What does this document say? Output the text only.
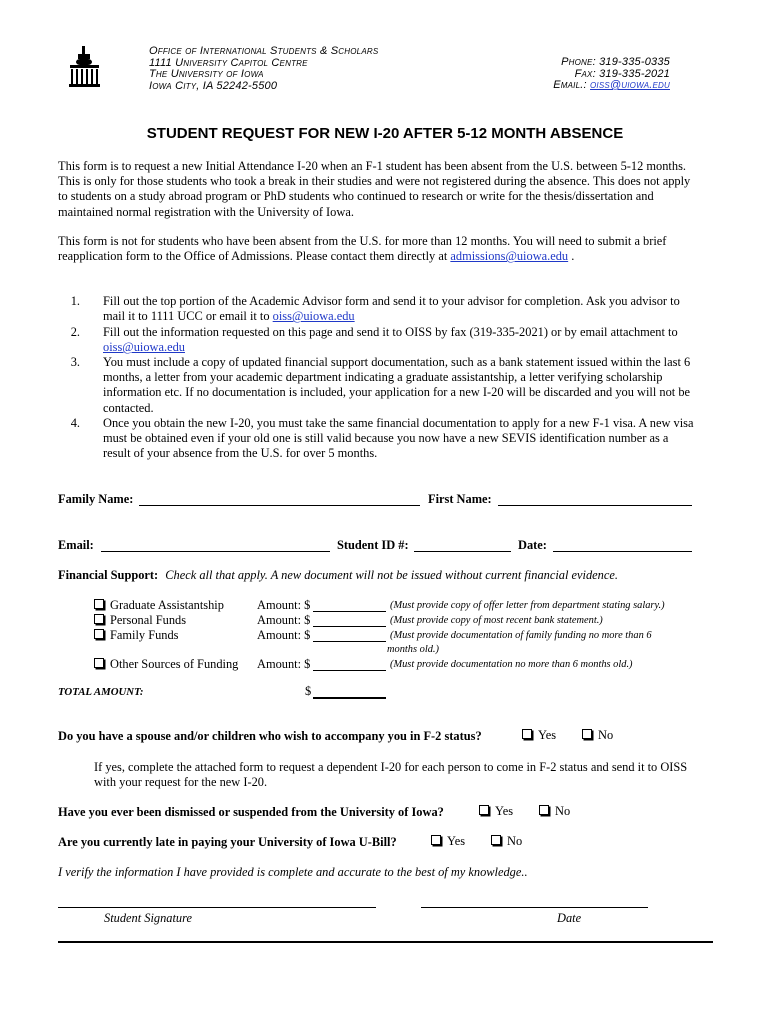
Office of International Students & Scholars
1111 University Capitol Centre
The University of Iowa
Iowa City, IA 52242-5500
Phone: 319-335-0335
Fax: 319-335-2021
Email.: oiss@uiowa.edu
STUDENT REQUEST FOR NEW I-20 AFTER 5-12 MONTH ABSENCE
This form is to request a new Initial Attendance I-20 when an F-1 student has been absent from the U.S. between 5-12 months.
This is only for those students who took a break in their studies and were not registered during the absence. This does not apply
to students on a study abroad program or PhD students who continued to research or write for the thesis/dissertation and
maintained normal registration with the University of Iowa.
This form is not for students who have been absent from the U.S. for more than 12 months. You will need to submit a brief
reapplication form to the Office of Admissions. Please contact them directly at admissions@uiowa.edu .
1. Fill out the top portion of the Academic Advisor form and send it to your advisor for completion. Ask you advisor to
mail it to 1111 UCC or email it to oiss@uiowa.edu
2. Fill out the information requested on this page and send it to OISS by fax (319-335-2021) or by email attachment to
oiss@uiowa.edu
3. You must include a copy of updated financial support documentation, such as a bank statement issued within the last 6
months, a letter from your academic department indicating a graduate assistantship, a letter verifying scholarship
information etc. If no documentation is included, your application for a new I-20 will be discarded and you will not be
contacted.
4. Once you obtain the new I-20, you must take the same financial documentation to apply for a new F-1 visa. A new visa
must be obtained even if your old one is still valid because you now have a new SEVIS identification number as a
result of your absence from the U.S. for over 5 months.
Family Name:	First Name:
Email:	Student ID #:	Date:
Financial Support: Check all that apply. A new document will not be issued without current financial evidence.
Graduate Assistantship	Amount: $	(Must provide copy of offer letter from department stating salary.)
Personal Funds	Amount: $	(Must provide copy of most recent bank statement.)
Family Funds	Amount: $	(Must provide documentation of family funding no more than 6
months old.)
Other Sources of Funding Amount: $	(Must provide documentation no more than 6 months old.)
TOTAL AMOUNT:	$
Do you have a spouse and/or children who wish to accompany you in F-2 status?	Yes	No
If yes, complete the attached form to request a dependent I-20 for each person to come in F-2 status and send it to OISS
with your request for the new I-20.
Have you ever been dismissed or suspended from the University of Iowa?	Yes	No
Are you currently late in paying your University of Iowa U-Bill?	Yes	No
I verify the information I have provided is complete and accurate to the best of my knowledge..
Student Signature	Date
